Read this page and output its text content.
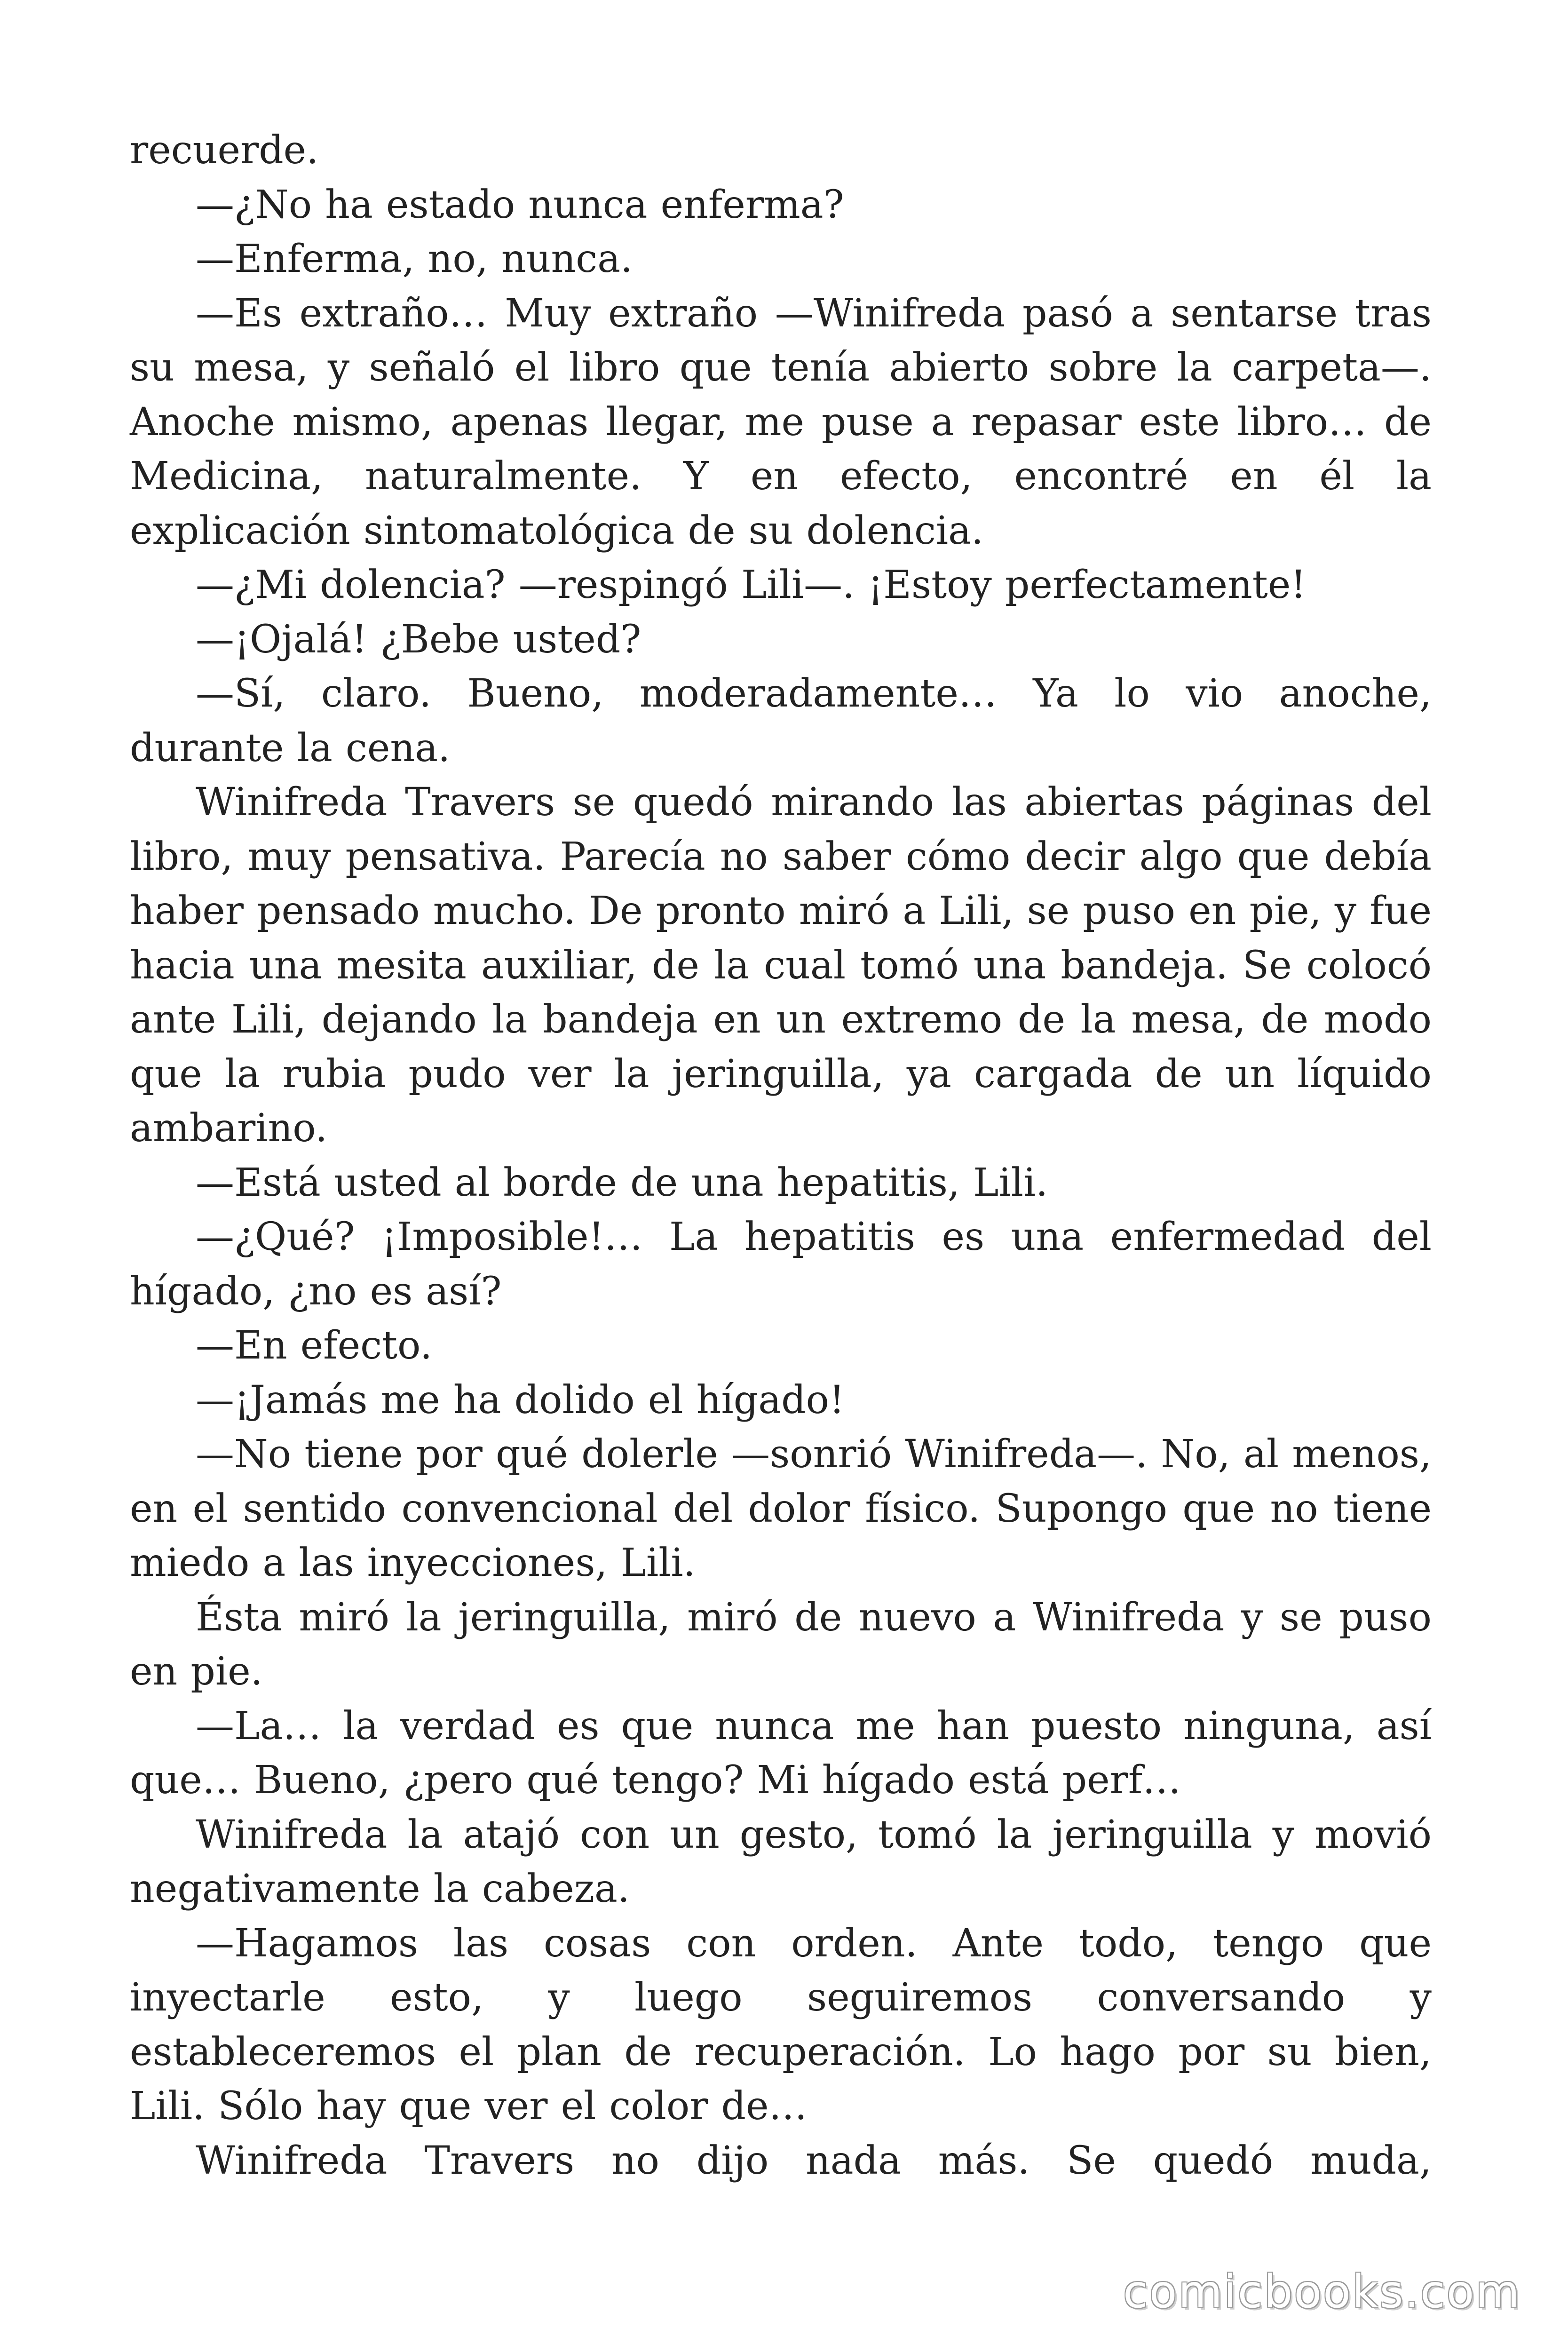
recuerde.

—¿No ha estado nunca enferma?

—Enferma, no, nunca.

—Es extraño… Muy extraño —Winifreda pasó a sentarse tras su mesa, y señaló el libro que tenía abierto sobre la carpeta—. Anoche mismo, apenas llegar, me puse a repasar este libro… de Medicina, naturalmente. Y en efecto, encontré en él la explicación sintomatológica de su dolencia.

—¿Mi dolencia? —respingó Lili—. ¡Estoy perfectamente!

—¡Ojalá! ¿Bebe usted?

—Sí, claro. Bueno, moderadamente… Ya lo vio anoche, durante la cena.

Winifreda Travers se quedó mirando las abiertas páginas del libro, muy pensativa. Parecía no saber cómo decir algo que debía haber pensado mucho. De pronto miró a Lili, se puso en pie, y fue hacia una mesita auxiliar, de la cual tomó una bandeja. Se colocó ante Lili, dejando la bandeja en un extremo de la mesa, de modo que la rubia pudo ver la jeringuilla, ya cargada de un líquido ambarino.

—Está usted al borde de una hepatitis, Lili.

—¿Qué? ¡Imposible!… La hepatitis es una enfermedad del hígado, ¿no es así?

—En efecto.

—¡Jamás me ha dolido el hígado!

—No tiene por qué dolerle —sonrió Winifreda—. No, al menos, en el sentido convencional del dolor físico. Supongo que no tiene miedo a las inyecciones, Lili.

Ésta miró la jeringuilla, miró de nuevo a Winifreda y se puso en pie.

—La… la verdad es que nunca me han puesto ninguna, así que… Bueno, ¿pero qué tengo? Mi hígado está perf…

Winifreda la atajó con un gesto, tomó la jeringuilla y movió negativamente la cabeza.

—Hagamos las cosas con orden. Ante todo, tengo que inyectarle esto, y luego seguiremos conversando y estableceremos el plan de recuperación. Lo hago por su bien, Lili. Sólo hay que ver el color de…

Winifreda Travers no dijo nada más. Se quedó muda,

comicbooks.com
